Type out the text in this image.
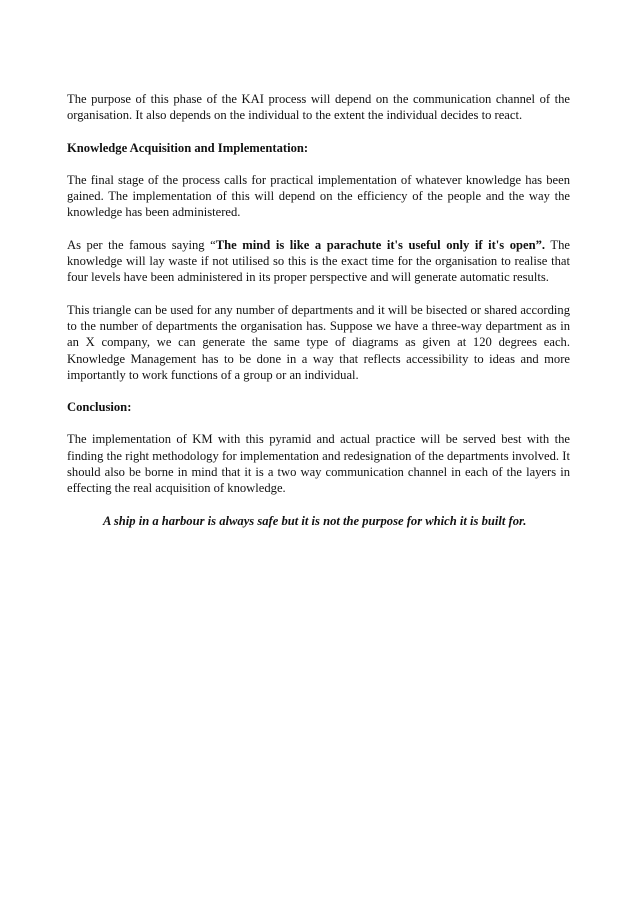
The purpose of this phase of the KAI process will depend on the communication channel of the organisation. It also depends on the individual to the extent the individual decides to react.

Knowledge Acquisition and Implementation:

The final stage of the process calls for practical implementation of whatever knowledge has been gained. The implementation of this will depend on the efficiency of the people and the way the knowledge has been administered.

As per the famous saying “The mind is like a parachute it's useful only if it's open”. The knowledge will lay waste if not utilised so this is the exact time for the organisation to realise that four levels have been administered in its proper perspective and will generate automatic results.

This triangle can be used for any number of departments and it will be bisected or shared according to the number of departments the organisation has. Suppose we have a three-way department as in an X company, we can generate the same type of diagrams as given at 120 degrees each. Knowledge Management has to be done in a way that reflects accessibility to ideas and more importantly to work functions of a group or an individual.

Conclusion:

The implementation of KM with this pyramid and actual practice will be served best with the finding the right methodology for implementation and redesignation of the departments involved. It should also be borne in mind that it is a two way communication channel in each of the layers in effecting the real acquisition of knowledge.

A ship in a harbour is always safe but it is not the purpose for which it is built for.
